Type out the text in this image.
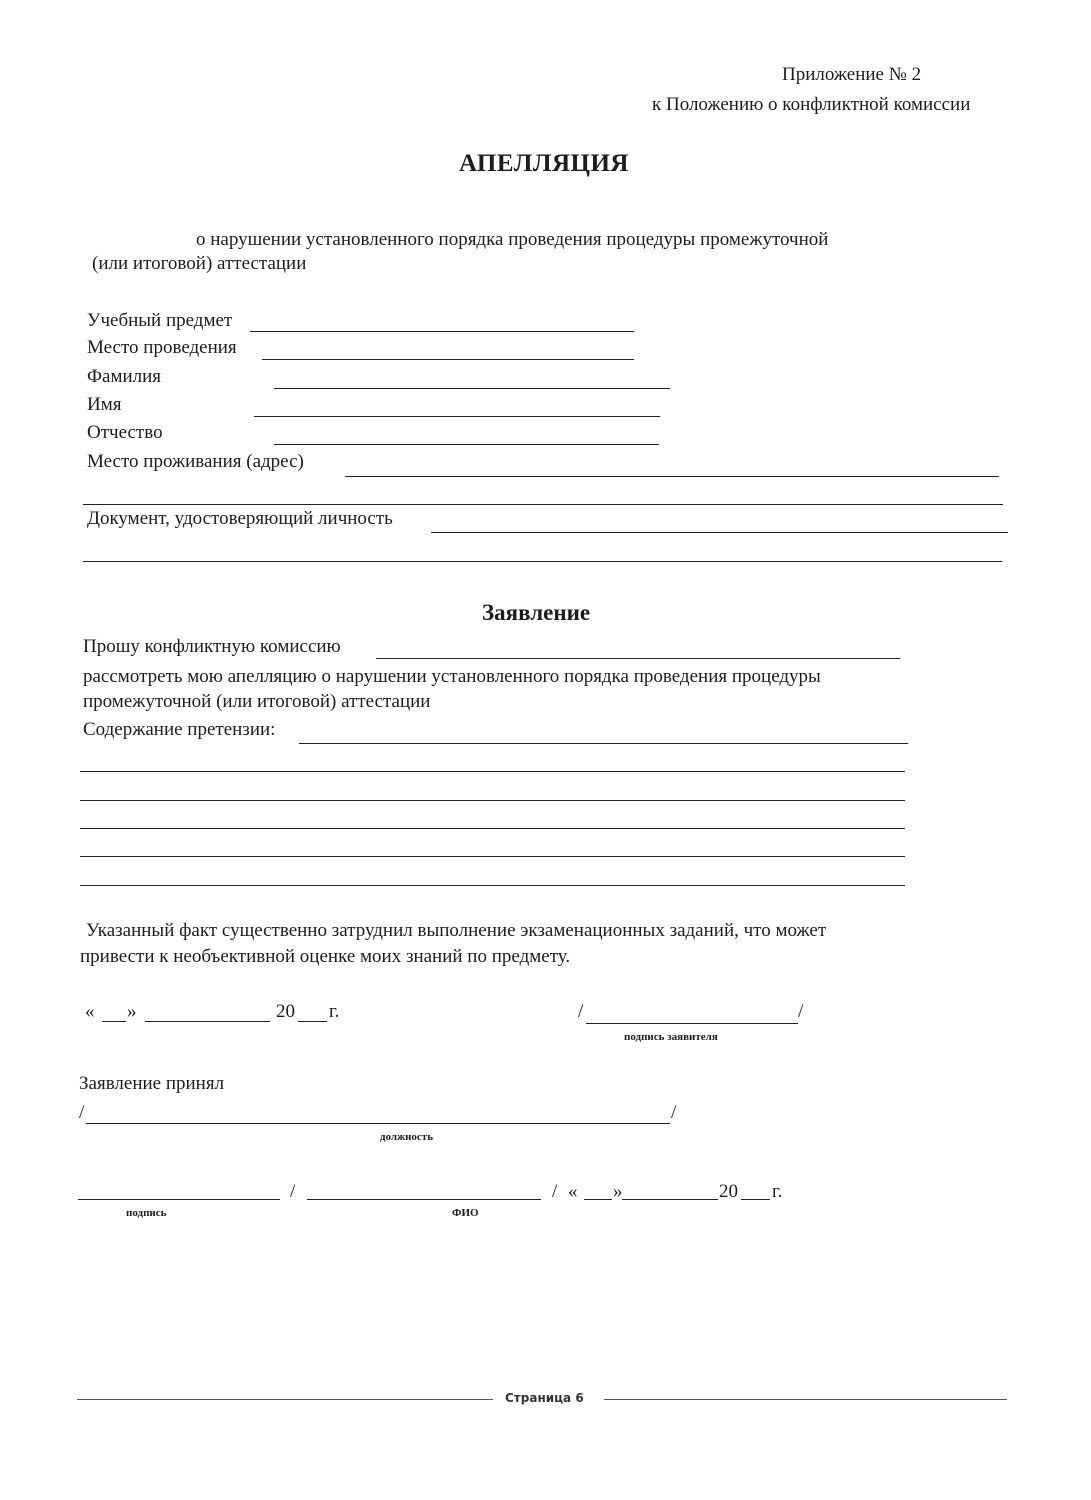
Приложение № 2
к Положению о конфликтной комиссии
АПЕЛЛЯЦИЯ
о нарушении установленного порядка проведения процедуры промежуточной
(или итоговой) аттестации
Учебный предмет
Место проведения
Фамилия
Имя
Отчество
Место проживания (адрес)
Документ, удостоверяющий личность
Заявление
Прошу конфликтную комиссию
рассмотреть мою апелляцию о нарушении установленного порядка проведения процедуры
промежуточной (или итоговой) аттестации
Содержание претензии:
Указанный факт существенно затруднил выполнение экзаменационных заданий, что может
привести к необъективной оценке моих знаний по предмету.
« »	20 г.	/	/
подпись заявителя
Заявление принял
/	/
должность
/	/ « »	20 г.
подпись	ФИО
Страница 6
